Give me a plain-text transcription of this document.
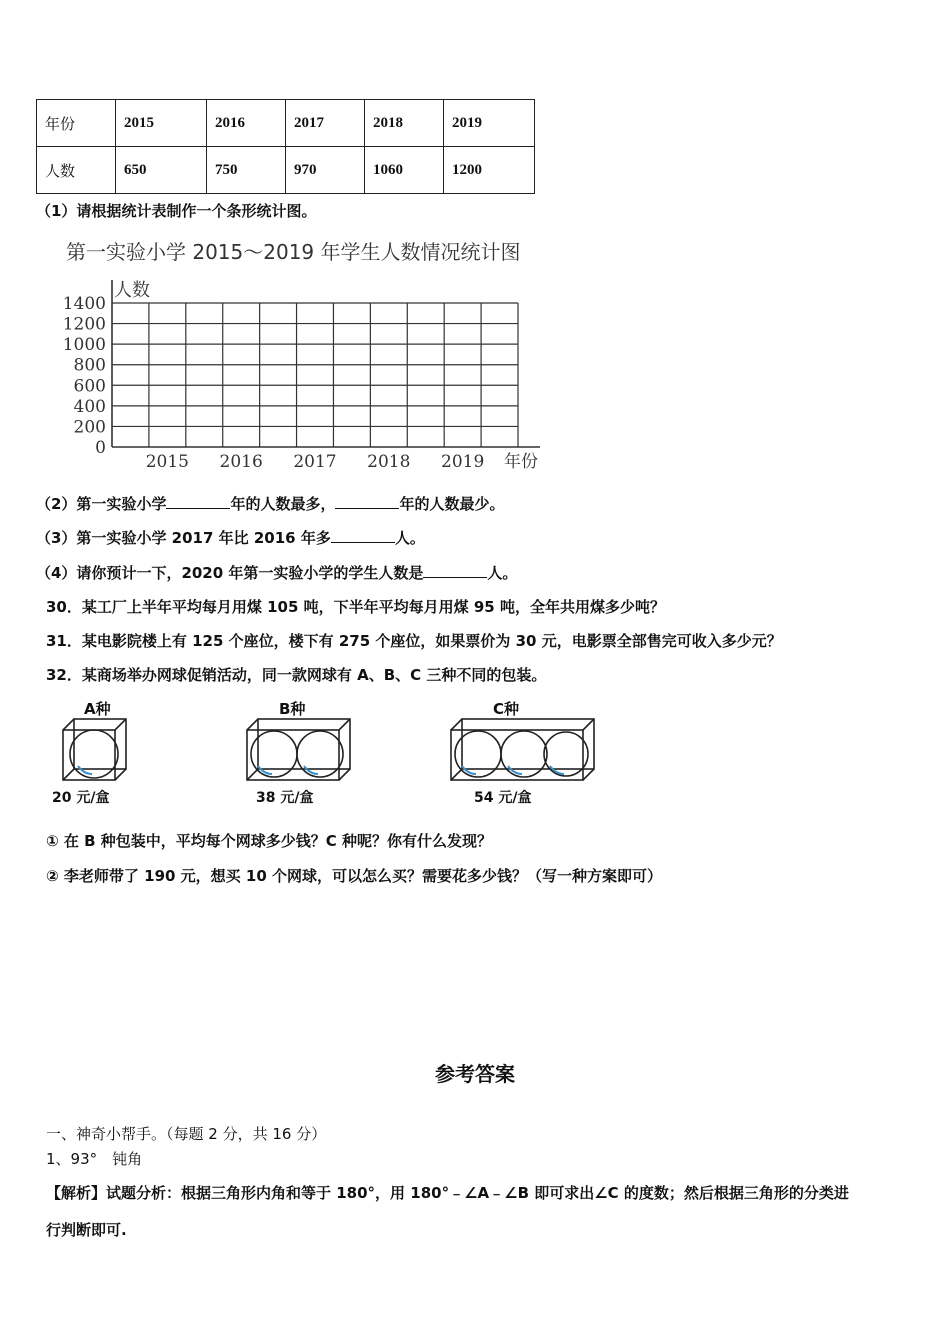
年份	2015	2016	2017	2018	2019
人数	650	750	970	1060	1200
（1）请根据统计表制作一个条形统计图。
第一实验小学 2015～2019 年学生人数情况统计图
0
200
400
600
800
1000
1200
1400
2015 2016 2017 2018 2019
人数
年份
（2）第一实验小学	年的人数最多，	年的人数最少。
（3）第一实验小学 2017 年比 2016 年多	人。
（4）请你预计一下，2020 年第一实验小学的学生人数是	人。
30．某工厂上半年平均每月用煤 105 吨，下半年平均每月用煤 95 吨，全年共用煤多少吨？
31．某电影院楼上有 125 个座位，楼下有 275 个座位，如果票价为 30 元，电影票全部售完可收入多少元？
32．某商场举办网球促销活动，同一款网球有 A、B、C 三种不同的包装。
A种
20 元/盒
B种
38 元/盒
C种
54 元/盒
① 在 B 种包装中，平均每个网球多少钱？C 种呢？你有什么发现？
② 李老师带了 190 元，想买 10 个网球，可以怎么买？需要花多少钱？（写一种方案即可）
参考答案
一、神奇小帮手。（每题 2 分，共 16 分）
1、93°　钝角
【解析】试题分析：根据三角形内角和等于 180°，用 180°﹣∠A﹣∠B 即可求出∠C 的度数；然后根据三角形的分类进
行判断即可.
